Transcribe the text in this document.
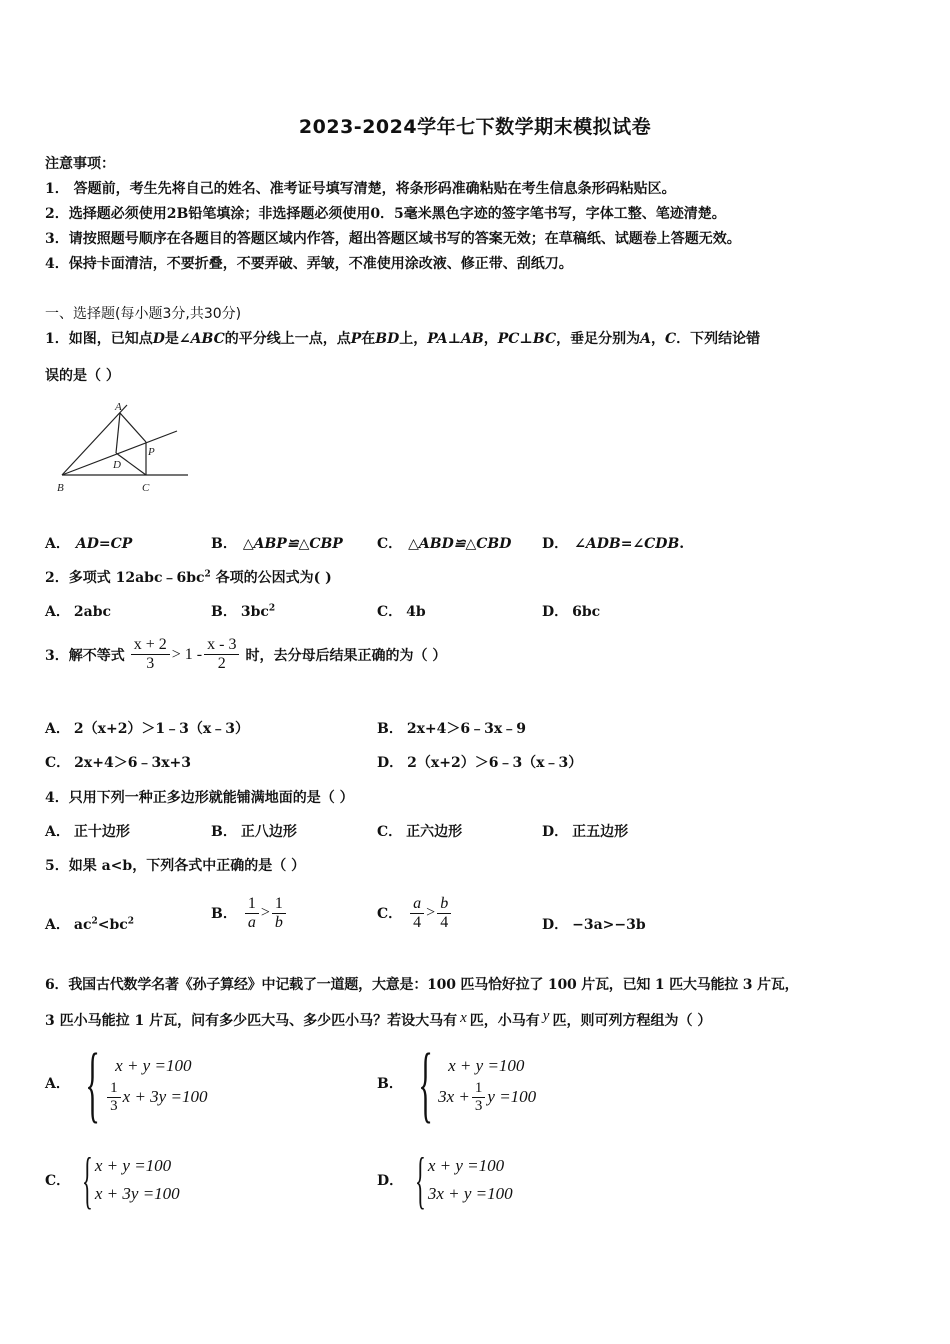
2023-2024学年七下数学期末模拟试卷
注意事项：
1． 答题前，考生先将自己的姓名、准考证号填写清楚，将条形码准确粘贴在考生信息条形码粘贴区。
2．选择题必须使用2B铅笔填涂；非选择题必须使用0．5毫米黑色字迹的签字笔书写，字体工整、笔迹清楚。
3．请按照题号顺序在各题目的答题区域内作答，超出答题区域书写的答案无效；在草稿纸、试题卷上答题无效。
4．保持卡面清洁，不要折叠，不要弄破、弄皱，不准使用涂改液、修正带、刮纸刀。
一、选择题(每小题3分,共30分)
1．如图，已知点D是∠ABC的平分线上一点，点P在BD上，PA⊥AB，PC⊥BC，垂足分别为A，C．下列结论错
误的是（ ）
A
B	C
D
P
A． AD=CP	B． △ABP≌△CBP C． △ABD≌△CBD D． ∠ADB=∠CDB.
2．多项式 $12abc﹣6bc^2$ 各项的公因式为( )
A． 2abc	B． $3bc^2$	C． 4b	D． 6bc
3．解不等式 $\frac{x + 2}{3} > 1 - \frac{x - 3}{2}$ 时，去分母后结果正确的为（ ）
A． 2（x+2）＞1﹣3（x﹣3）	B． 2x+4＞6﹣3x﹣9
C． 2x+4＞6﹣3x+3	D． 2（x+2）＞6﹣3（x﹣3）
4．只用下列一种正多边形就能铺满地面的是（ ）
A． 正十边形	B． 正八边形	C． 正六边形	D． 正五边形
5．如果 a<b，下列各式中正确的是（ ）
A． $ac^2<bc^2$	B． $\frac{1}{a} > \frac{1}{b}$	C． $\frac{a}{4} > \frac{b}{4}$	D． −3a>−3b
6．我国古代数学名著《孙子算经》中记载了一道题，大意是：100 匹马恰好拉了 100 片瓦，已知 1 匹大马能拉 3 片瓦，
3 匹小马能拉 1 片瓦，问有多少匹大马、多少匹小马？若设大马有 x 匹，小马有 y 匹，则可列方程组为（ ）
A． { x + y =100
$\frac{1}{3}$ x + 3y =100
B． { x + y =100
$3x + \frac{1}{3}$ y =100
C． { x + y =100
x + 3y =100
D． { x + y =100
3x + y =100
